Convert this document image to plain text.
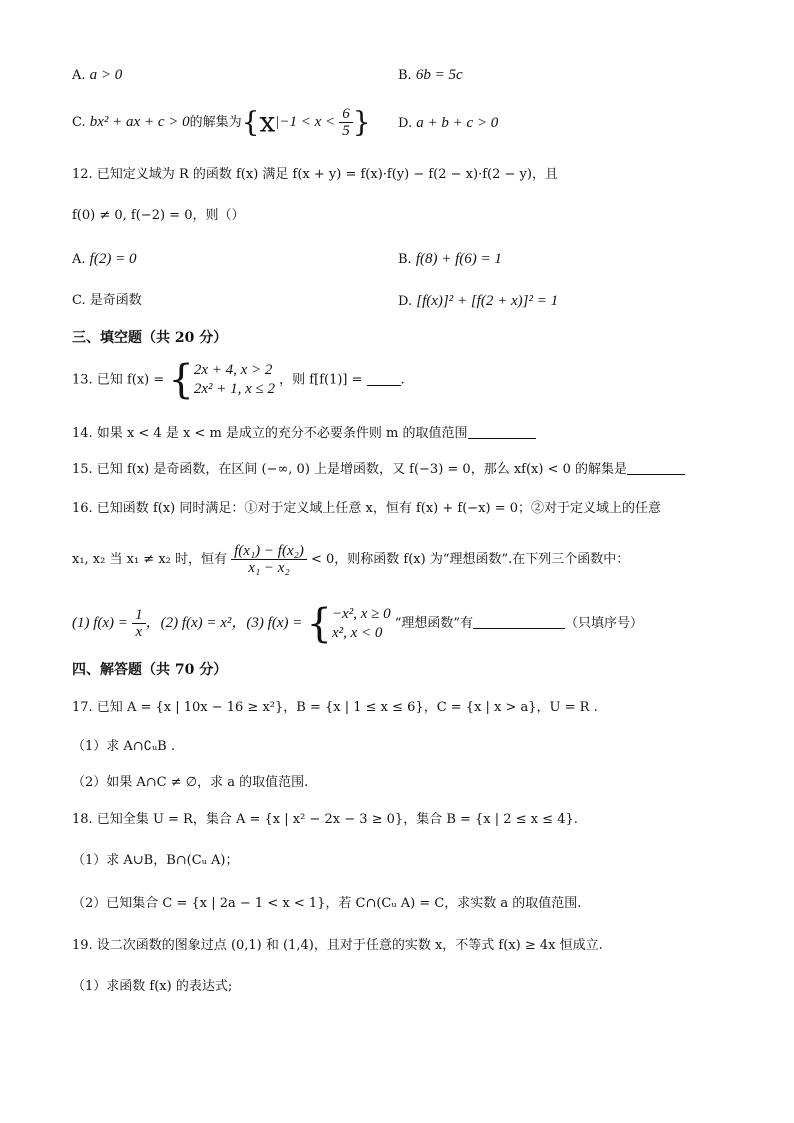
A. a > 0	B. 6b = 5c
C. bx² + ax + c > 0的解集为{$x|-1 < x < \frac{6}{5}$ } D. a + b + c > 0
12. 已知定义域为 R 的函数 f(x) 满足 f(x + y) = f(x)·f(y) − f(2 − x)·f(2 − y)，且
f(0) ≠ 0, f(−2) = 0，则（）
A. f(2) = 0	B. f(8) + f(6) = 1
C. 是奇函数	D. [f(x)]² + [f(2 + x)]² = 1
三、填空题（共 20 分）
13. 已知 f(x) = { 2x + 4, x > 2
2x² + 1, x ≤ 2
，则 f[f(1)] =	.
14. 如果 x < 4 是 x < m 是成立的充分不必要条件则 m 的取值范围
15. 已知 f(x) 是奇函数，在区间 (−∞, 0) 上是增函数，又 f(−3) = 0，那么 xf(x) < 0 的解集是
16. 已知函数 f(x) 同时满足：①对于定义域上任意 x，恒有 f(x) + f(−x) = 0；②对于定义域上的任意
x₁, x₂ 当 x₁ ≠ x₂ 时，恒有 $\frac{\text{f(x₁) − f(x₂)}}{\text{x₁ − x₂}} < 0$，则称函数 f(x) 为“理想函数”.在下列三个函数中：
(1) $f(x) = \frac{1}{x}$ ，(2) f(x) = x²，(3) f(x) = { −x², x ≥ 0
x², x < 0
“理想函数”有	（只填序号）
四、解答题（共 70 分）
17. 已知 A = {x | 10x − 16 ≥ x²}，B = {x | 1 ≤ x ≤ 6}，C = {x | x > a}，U = R .
（1）求 A∩∁ᵤB .
（2）如果 A∩C ≠ ∅，求 a 的取值范围.
18. 已知全集 U = R，集合 A = {x | x² − 2x − 3 ≥ 0}，集合 B = {x | 2 ≤ x ≤ 4}.
（1）求 A∪B，B∩(Cᵤ A)；
（2）已知集合 C = {x | 2a − 1 < x < 1}，若 C∩(Cᵤ A) = C，求实数 a 的取值范围.
19. 设二次函数的图象过点 (0,1) 和 (1,4)，且对于任意的实数 x，不等式 f(x) ≥ 4x 恒成立.
（1）求函数 f(x) 的表达式;
